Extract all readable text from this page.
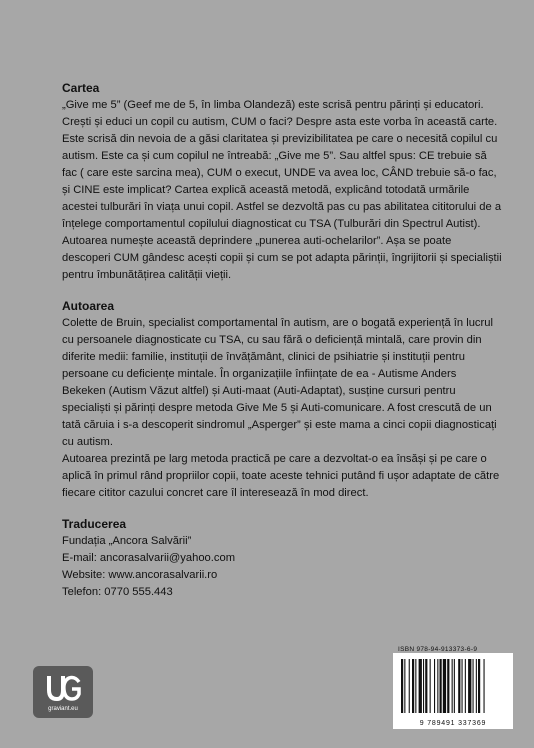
Cartea

„Give me 5” (Geef me de 5, în limba Olandeză) este scrisă pentru părinți și educatori. Crești și educi un copil cu autism, CUM o faci? Despre asta este vorba în această carte. Este scrisă din nevoia de a găsi claritatea și previzibilitatea pe care o necesită copilul cu autism. Este ca și cum copilul ne întreabă: „Give me 5”. Sau altfel spus: CE trebuie să fac ( care este sarcina mea), CUM o execut, UNDE va avea loc, CÂND trebuie să-o fac, și CINE este implicat? Cartea explică această metodă, explicând totodată urmările acestei tulburări în viața unui copil. Astfel se dezvoltă pas cu pas abilitatea cititorului de a înțelege comportamentul copilului diagnosticat cu TSA (Tulburări din Spectrul Autist). Autoarea numește această deprindere „punerea auti-ochelarilor”. Așa se poate descoperi CUM gândesc acești copii și cum se pot adapta părinții, îngrijitorii și specialiștii pentru îmbunătățirea calității vieții.

Autoarea

Colette de Bruin, specialist comportamental în autism, are o bogată experiență în lucrul cu persoanele diagnosticate cu TSA, cu sau fără o deficiență mintală, care provin din diferite medii: familie, instituții de învățământ, clinici de psihiatrie și instituții pentru persoane cu deficiențe mintale. În organizațiile înființate de ea - Autisme Anders Bekeken (Autism Văzut altfel) și Auti-maat (Auti-Adaptat), susține cursuri pentru specialiști și părinți despre metoda Give Me 5 și Auti-comunicare. A fost crescută de un tată căruia i s-a descoperit sindromul „Asperger” și este mama a cinci copii diagnosticați cu autism.

Autoarea prezintă pe larg metoda practică pe care a dezvoltat-o ea însăși și pe care o aplică în primul rând propriilor copii, toate aceste tehnici putând fi ușor adaptate de către fiecare cititor cazului concret care îl interesează în mod direct.

Traducerea
Fundația „Ancora Salvării”
E-mail: ancorasalvarii@yahoo.com
Website: www.ancorasalvarii.ro
Telefon: 0770 555.443
graviant.eu
ISBN 978-94-913373-6-9
9 789491 337369
